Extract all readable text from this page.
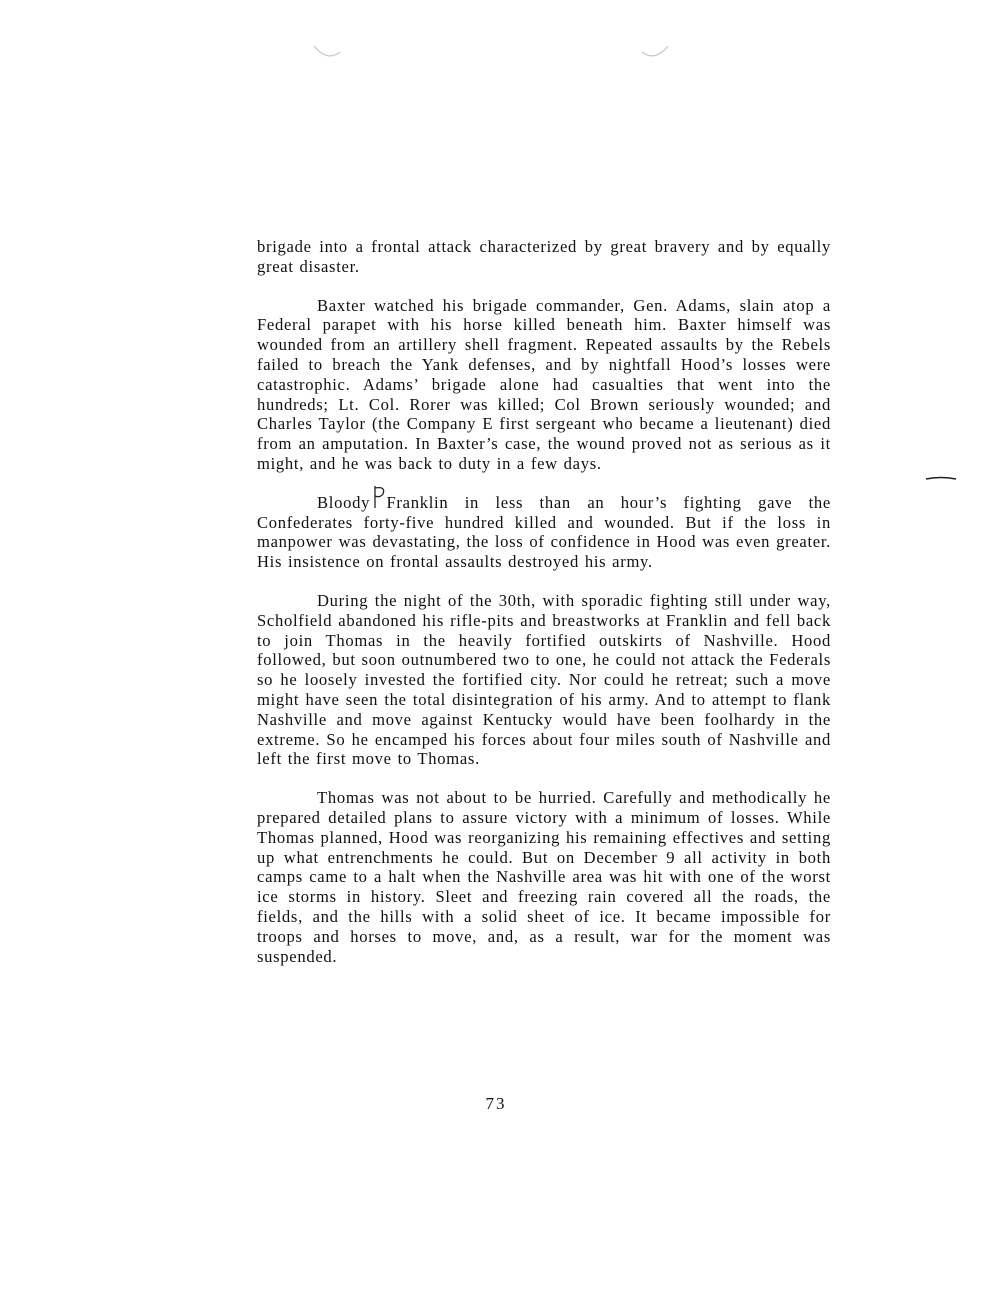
brigade into a frontal attack characterized by great bravery and by equally great disaster.

Baxter watched his brigade commander, Gen. Adams, slain atop a Federal parapet with his horse killed beneath him. Baxter himself was wounded from an artillery shell fragment. Repeated assaults by the Rebels failed to breach the Yank defenses, and by nightfall Hood’s losses were catastrophic. Adams’ brigade alone had casualties that went into the hundreds; Lt. Col. Rorer was killed; Col Brown seriously wounded; and Charles Taylor (the Company E first sergeant who became a lieutenant) died from an amputation. In Baxter’s case, the wound proved not as serious as it might, and he was back to duty in a few days.

Bloody Franklin in less than an hour’s fighting gave the Confederates forty-five hundred killed and wounded. But if the loss in manpower was devastating, the loss of confidence in Hood was even greater. His insistence on frontal assaults destroyed his army.

During the night of the 30th, with sporadic fighting still under way, Scholfield abandoned his rifle-pits and breastworks at Franklin and fell back to join Thomas in the heavily fortified outskirts of Nashville. Hood followed, but soon outnumbered two to one, he could not attack the Federals so he loosely invested the fortified city. Nor could he retreat; such a move might have seen the total disintegration of his army. And to attempt to flank Nashville and move against Kentucky would have been foolhardy in the extreme. So he encamped his forces about four miles south of Nashville and left the first move to Thomas.

Thomas was not about to be hurried. Carefully and methodically he prepared detailed plans to assure victory with a minimum of losses. While Thomas planned, Hood was reorganizing his remaining effectives and setting up what entrenchments he could. But on December 9 all activity in both camps came to a halt when the Nashville area was hit with one of the worst ice storms in history. Sleet and freezing rain covered all the roads, the fields, and the hills with a solid sheet of ice. It became impossible for troops and horses to move, and, as a result, war for the moment was suspended.

73
